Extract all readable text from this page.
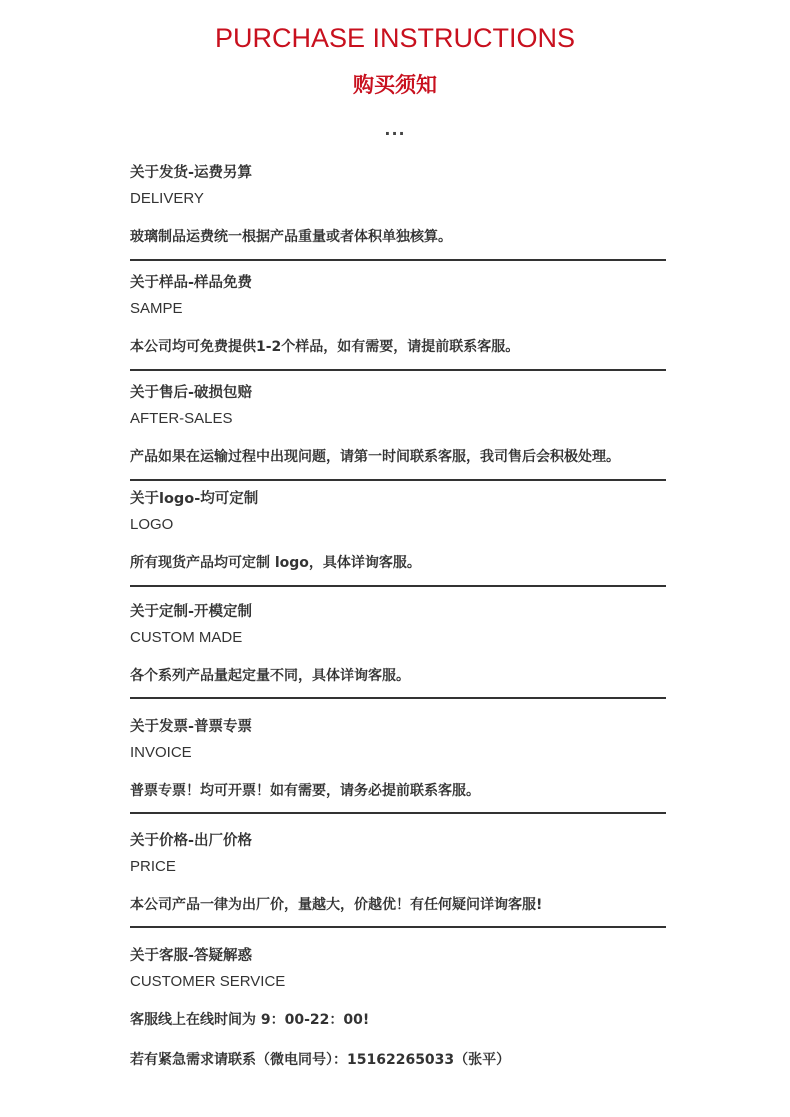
PURCHASE INSTRUCTIONS
购买须知
...
关于发货-运费另算
DELIVERY
玻璃制品运费统一根据产品重量或者体积单独核算。
关于样品-样品免费
SAMPE
本公司均可免费提供1-2个样品，如有需要，请提前联系客服。
关于售后-破损包赔
AFTER-SALES
产品如果在运输过程中出现问题，请第一时间联系客服，我司售后会积极处理。
关于logo-均可定制
LOGO
所有现货产品均可定制 logo，具体详询客服。
关于定制-开模定制
CUSTOM MADE
各个系列产品量起定量不同，具体详询客服。
关于发票-普票专票
INVOICE
普票专票！均可开票！如有需要，请务必提前联系客服。
关于价格-出厂价格
PRICE
本公司产品一律为出厂价，量越大，价越优！有任何疑问详询客服!
关于客服-答疑解惑
CUSTOMER SERVICE
客服线上在线时间为 9：00-22：00!
若有紧急需求请联系（微电同号）：15162265033（张平）
